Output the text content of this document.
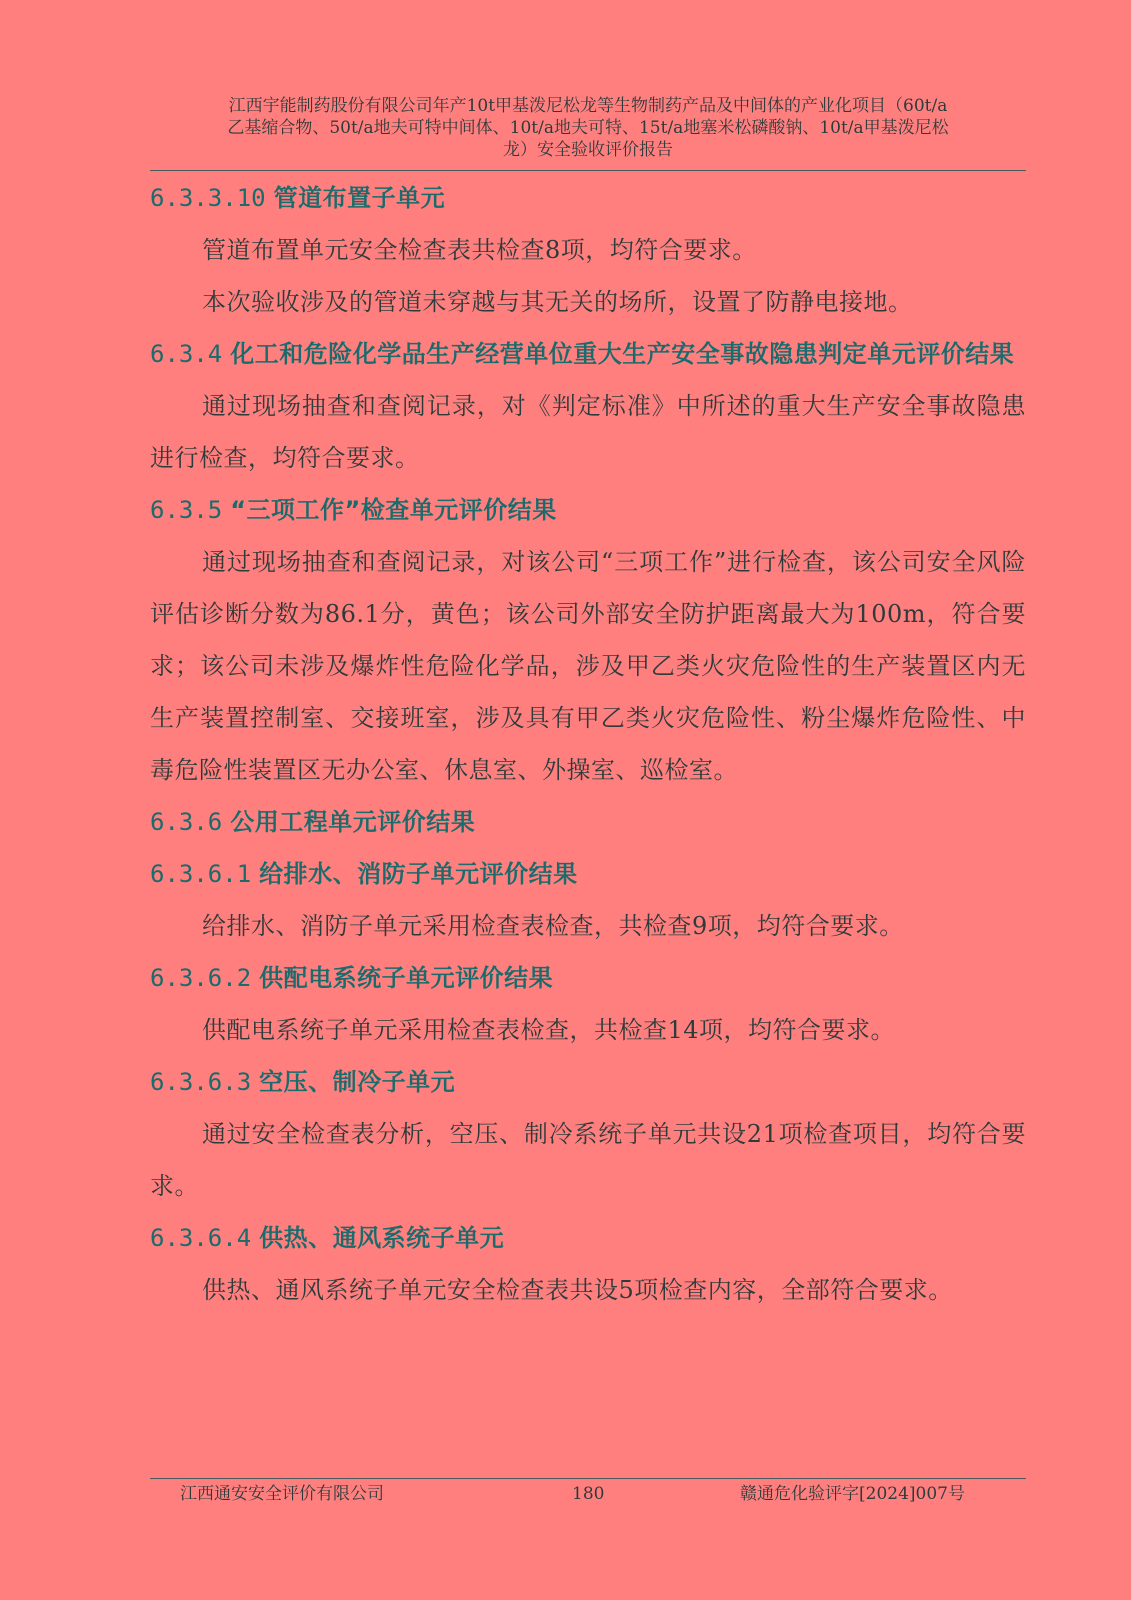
江西宇能制药股份有限公司年产10t甲基泼尼松龙等生物制药产品及中间体的产业化项目（60t/a
乙基缩合物、50t/a地夫可特中间体、10t/a地夫可特、15t/a地塞米松磷酸钠、10t/a甲基泼尼松
龙）安全验收评价报告
6.3.3.10 管道布置子单元

管道布置单元安全检查表共检查8项，均符合要求。

本次验收涉及的管道未穿越与其无关的场所，设置了防静电接地。

6.3.4 化工和危险化学品生产经营单位重大生产安全事故隐患判定单元评价结果

通过现场抽查和查阅记录，对《判定标准》中所述的重大生产安全事故隐患进行检查，均符合要求。

6.3.5 “三项工作”检查单元评价结果

通过现场抽查和查阅记录，对该公司“三项工作”进行检查，该公司安全风险评估诊断分数为86.1分，黄色；该公司外部安全防护距离最大为100m，符合要求；该公司未涉及爆炸性危险化学品，涉及甲乙类火灾危险性的生产装置区内无生产装置控制室、交接班室，涉及具有甲乙类火灾危险性、粉尘爆炸危险性、中毒危险性装置区无办公室、休息室、外操室、巡检室。

6.3.6 公用工程单元评价结果
6.3.6.1 给排水、消防子单元评价结果

给排水、消防子单元采用检查表检查，共检查9项，均符合要求。

6.3.6.2 供配电系统子单元评价结果

供配电系统子单元采用检查表检查，共检查14项，均符合要求。

6.3.6.3 空压、制冷子单元

通过安全检查表分析，空压、制冷系统子单元共设21项检查项目，均符合要求。

6.3.6.4 供热、通风系统子单元

供热、通风系统子单元安全检查表共设5项检查内容，全部符合要求。

江西通安安全评价有限公司	180	赣通危化验评字[2024]007号
